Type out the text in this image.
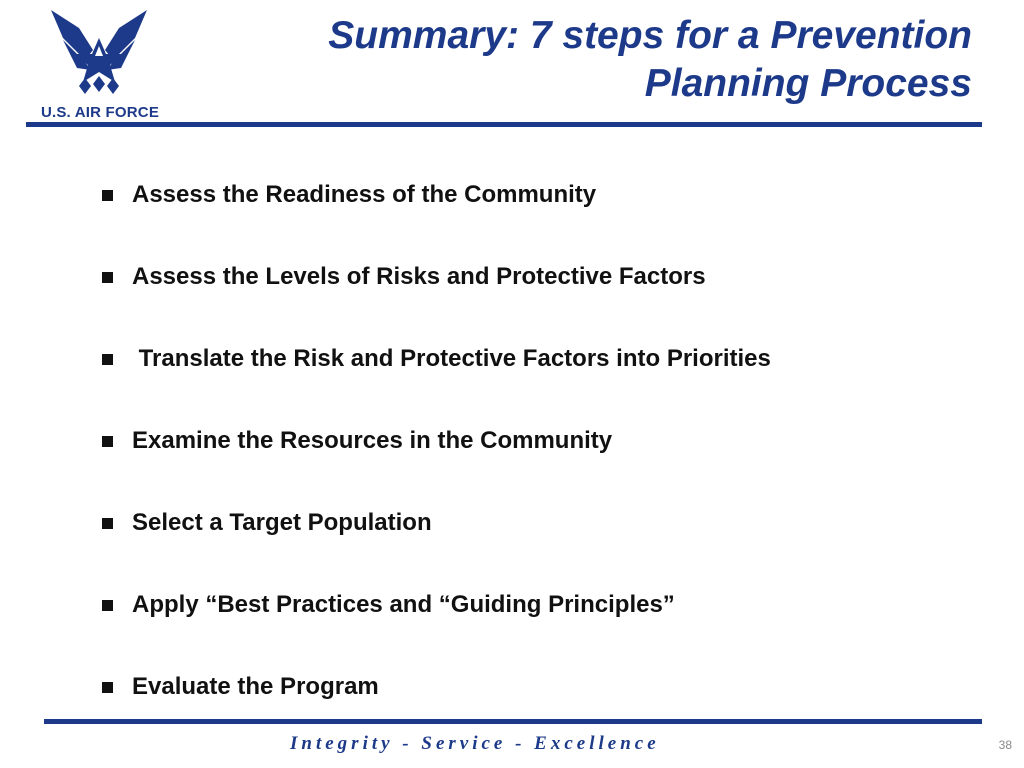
U.S. AIR FORCE
Summary: 7 steps for a Prevention
Planning Process
Assess the Readiness of the Community
Assess the Levels of Risks and Protective Factors
Translate the Risk and Protective Factors into Priorities
Examine the Resources in the Community
Select a Target Population
Apply “Best Practices and “Guiding Principles”
Evaluate the Program
Integrity - Service - Excellence	38
